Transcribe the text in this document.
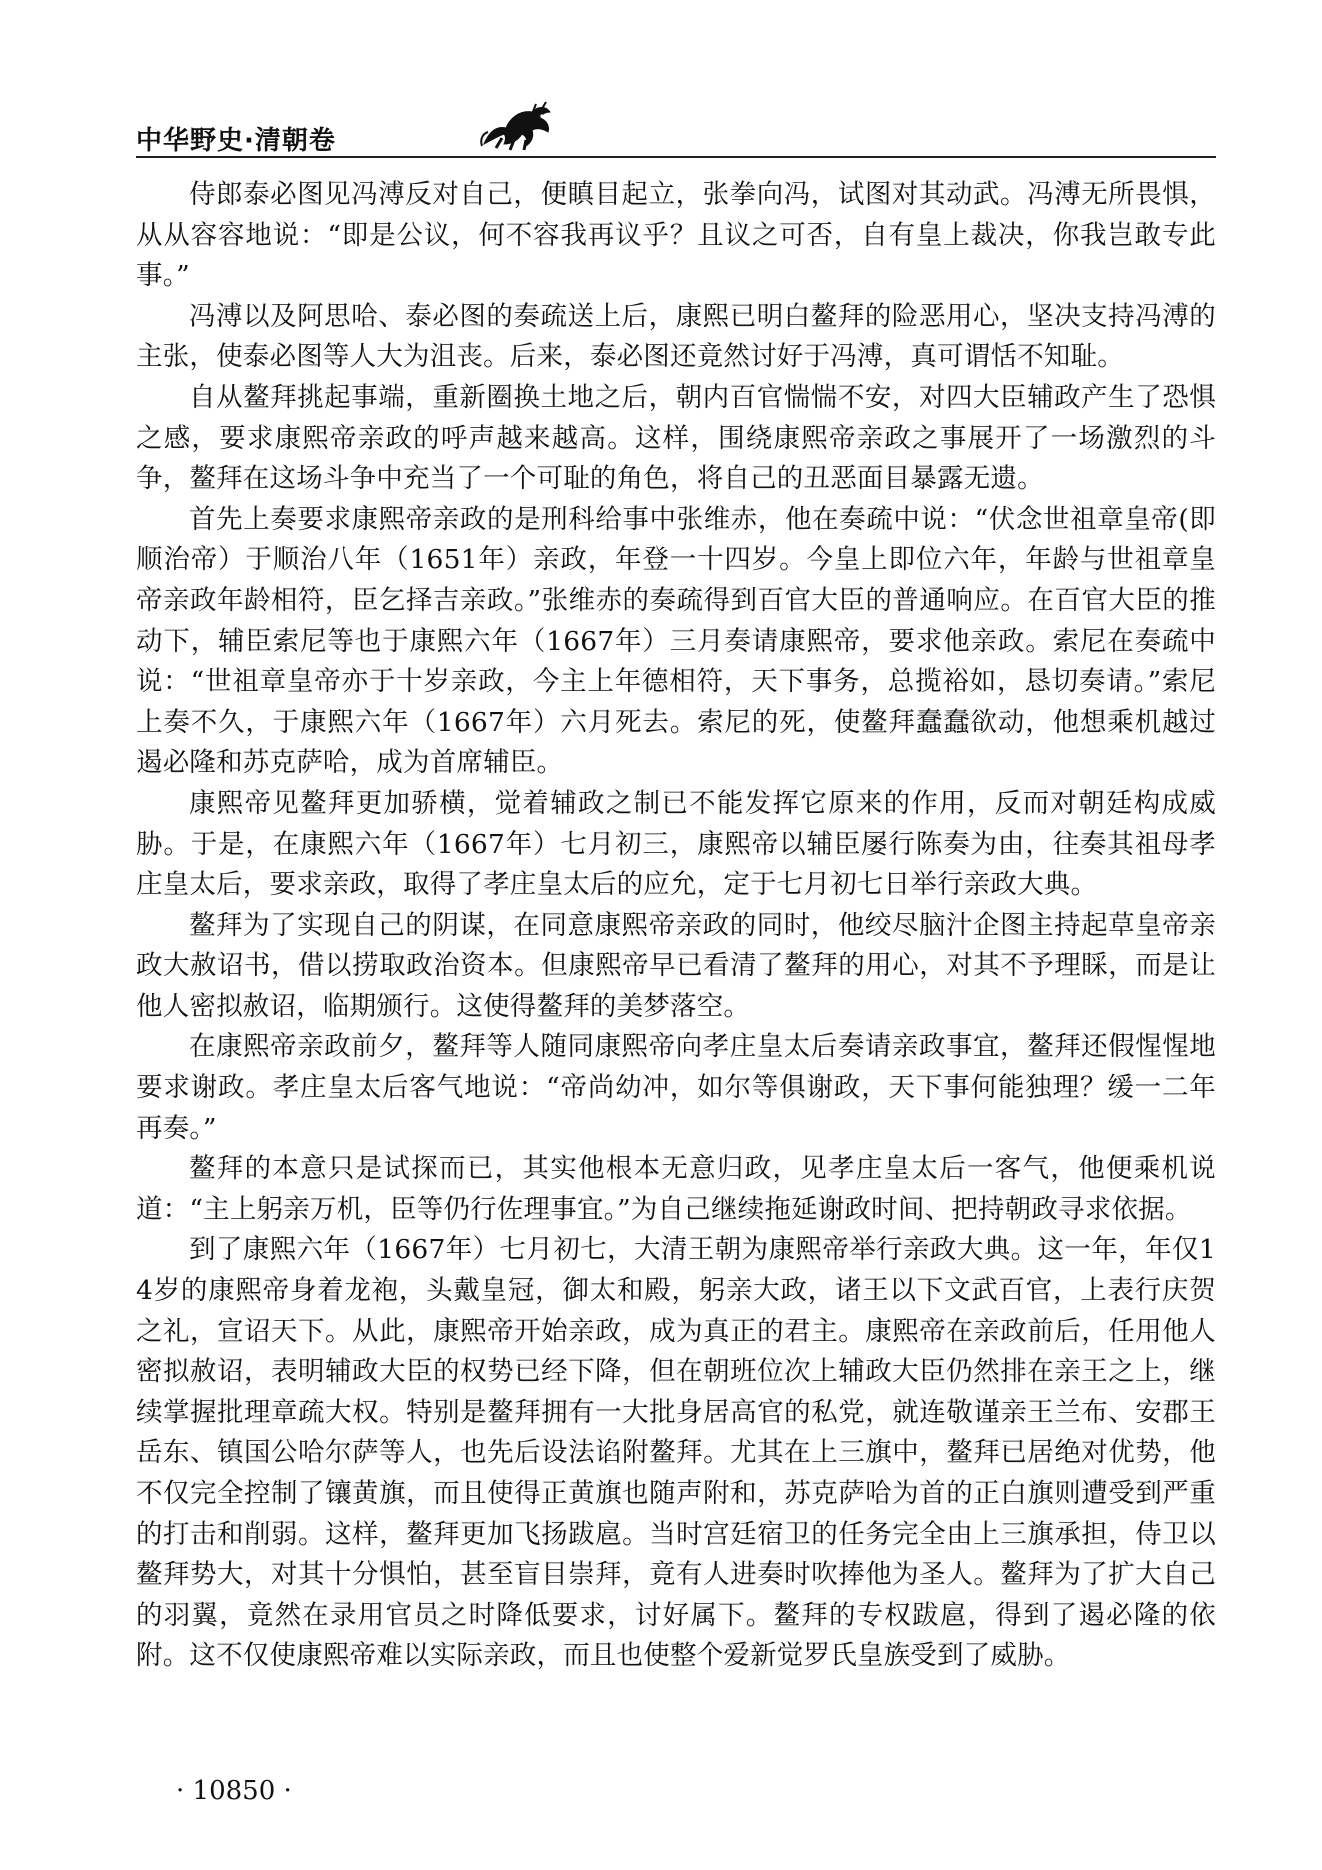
中华野史·清朝卷

侍郎泰必图见冯溥反对自己，便瞋目起立，张拳向冯，试图对其动武。冯溥无所畏惧，从从容容地说：“即是公议，何不容我再议乎？且议之可否，自有皇上裁决，你我岂敢专此事。”

冯溥以及阿思哈、泰必图的奏疏送上后，康熙已明白鳌拜的险恶用心，坚决支持冯溥的主张，使泰必图等人大为沮丧。后来，泰必图还竟然讨好于冯溥，真可谓恬不知耻。

自从鳌拜挑起事端，重新圈换土地之后，朝内百官惴惴不安，对四大臣辅政产生了恐惧之感，要求康熙帝亲政的呼声越来越高。这样，围绕康熙帝亲政之事展开了一场激烈的斗争，鳌拜在这场斗争中充当了一个可耻的角色，将自己的丑恶面目暴露无遗。

首先上奏要求康熙帝亲政的是刑科给事中张维赤，他在奏疏中说：“伏念世祖章皇帝(即顺治帝）于顺治八年（1651年）亲政，年登一十四岁。今皇上即位六年，年龄与世祖章皇帝亲政年龄相符，臣乞择吉亲政。”张维赤的奏疏得到百官大臣的普通响应。在百官大臣的推动下，辅臣索尼等也于康熙六年（1667年）三月奏请康熙帝，要求他亲政。索尼在奏疏中说：“世祖章皇帝亦于十岁亲政，今主上年德相符，天下事务，总揽裕如，恳切奏请。”索尼上奏不久，于康熙六年（1667年）六月死去。索尼的死，使鳌拜蠢蠢欲动，他想乘机越过遏必隆和苏克萨哈，成为首席辅臣。

康熙帝见鳌拜更加骄横，觉着辅政之制已不能发挥它原来的作用，反而对朝廷构成威胁。于是，在康熙六年（1667年）七月初三，康熙帝以辅臣屡行陈奏为由，往奏其祖母孝庄皇太后，要求亲政，取得了孝庄皇太后的应允，定于七月初七日举行亲政大典。

鳌拜为了实现自己的阴谋，在同意康熙帝亲政的同时，他绞尽脑汁企图主持起草皇帝亲政大赦诏书，借以捞取政治资本。但康熙帝早已看清了鳌拜的用心，对其不予理睬，而是让他人密拟赦诏，临期颁行。这使得鳌拜的美梦落空。

在康熙帝亲政前夕，鳌拜等人随同康熙帝向孝庄皇太后奏请亲政事宜，鳌拜还假惺惺地要求谢政。孝庄皇太后客气地说：“帝尚幼冲，如尔等俱谢政，天下事何能独理？缓一二年再奏。”

鳌拜的本意只是试探而已，其实他根本无意归政，见孝庄皇太后一客气，他便乘机说道：“主上躬亲万机，臣等仍行佐理事宜。”为自己继续拖延谢政时间、把持朝政寻求依据。

到了康熙六年（1667年）七月初七，大清王朝为康熙帝举行亲政大典。这一年，年仅14岁的康熙帝身着龙袍，头戴皇冠，御太和殿，躬亲大政，诸王以下文武百官，上表行庆贺之礼，宣诏天下。从此，康熙帝开始亲政，成为真正的君主。康熙帝在亲政前后，任用他人密拟赦诏，表明辅政大臣的权势已经下降，但在朝班位次上辅政大臣仍然排在亲王之上，继续掌握批理章疏大权。特别是鳌拜拥有一大批身居高官的私党，就连敬谨亲王兰布、安郡王岳东、镇国公哈尔萨等人，也先后设法谄附鳌拜。尤其在上三旗中，鳌拜已居绝对优势，他不仅完全控制了镶黄旗，而且使得正黄旗也随声附和，苏克萨哈为首的正白旗则遭受到严重的打击和削弱。这样，鳌拜更加飞扬跋扈。当时宫廷宿卫的任务完全由上三旗承担，侍卫以鳌拜势大，对其十分惧怕，甚至盲目崇拜，竟有人进奏时吹捧他为圣人。鳌拜为了扩大自己的羽翼，竟然在录用官员之时降低要求，讨好属下。鳌拜的专权跋扈，得到了遏必隆的依附。这不仅使康熙帝难以实际亲政，而且也使整个爱新觉罗氏皇族受到了威胁。

· 10850 ·
